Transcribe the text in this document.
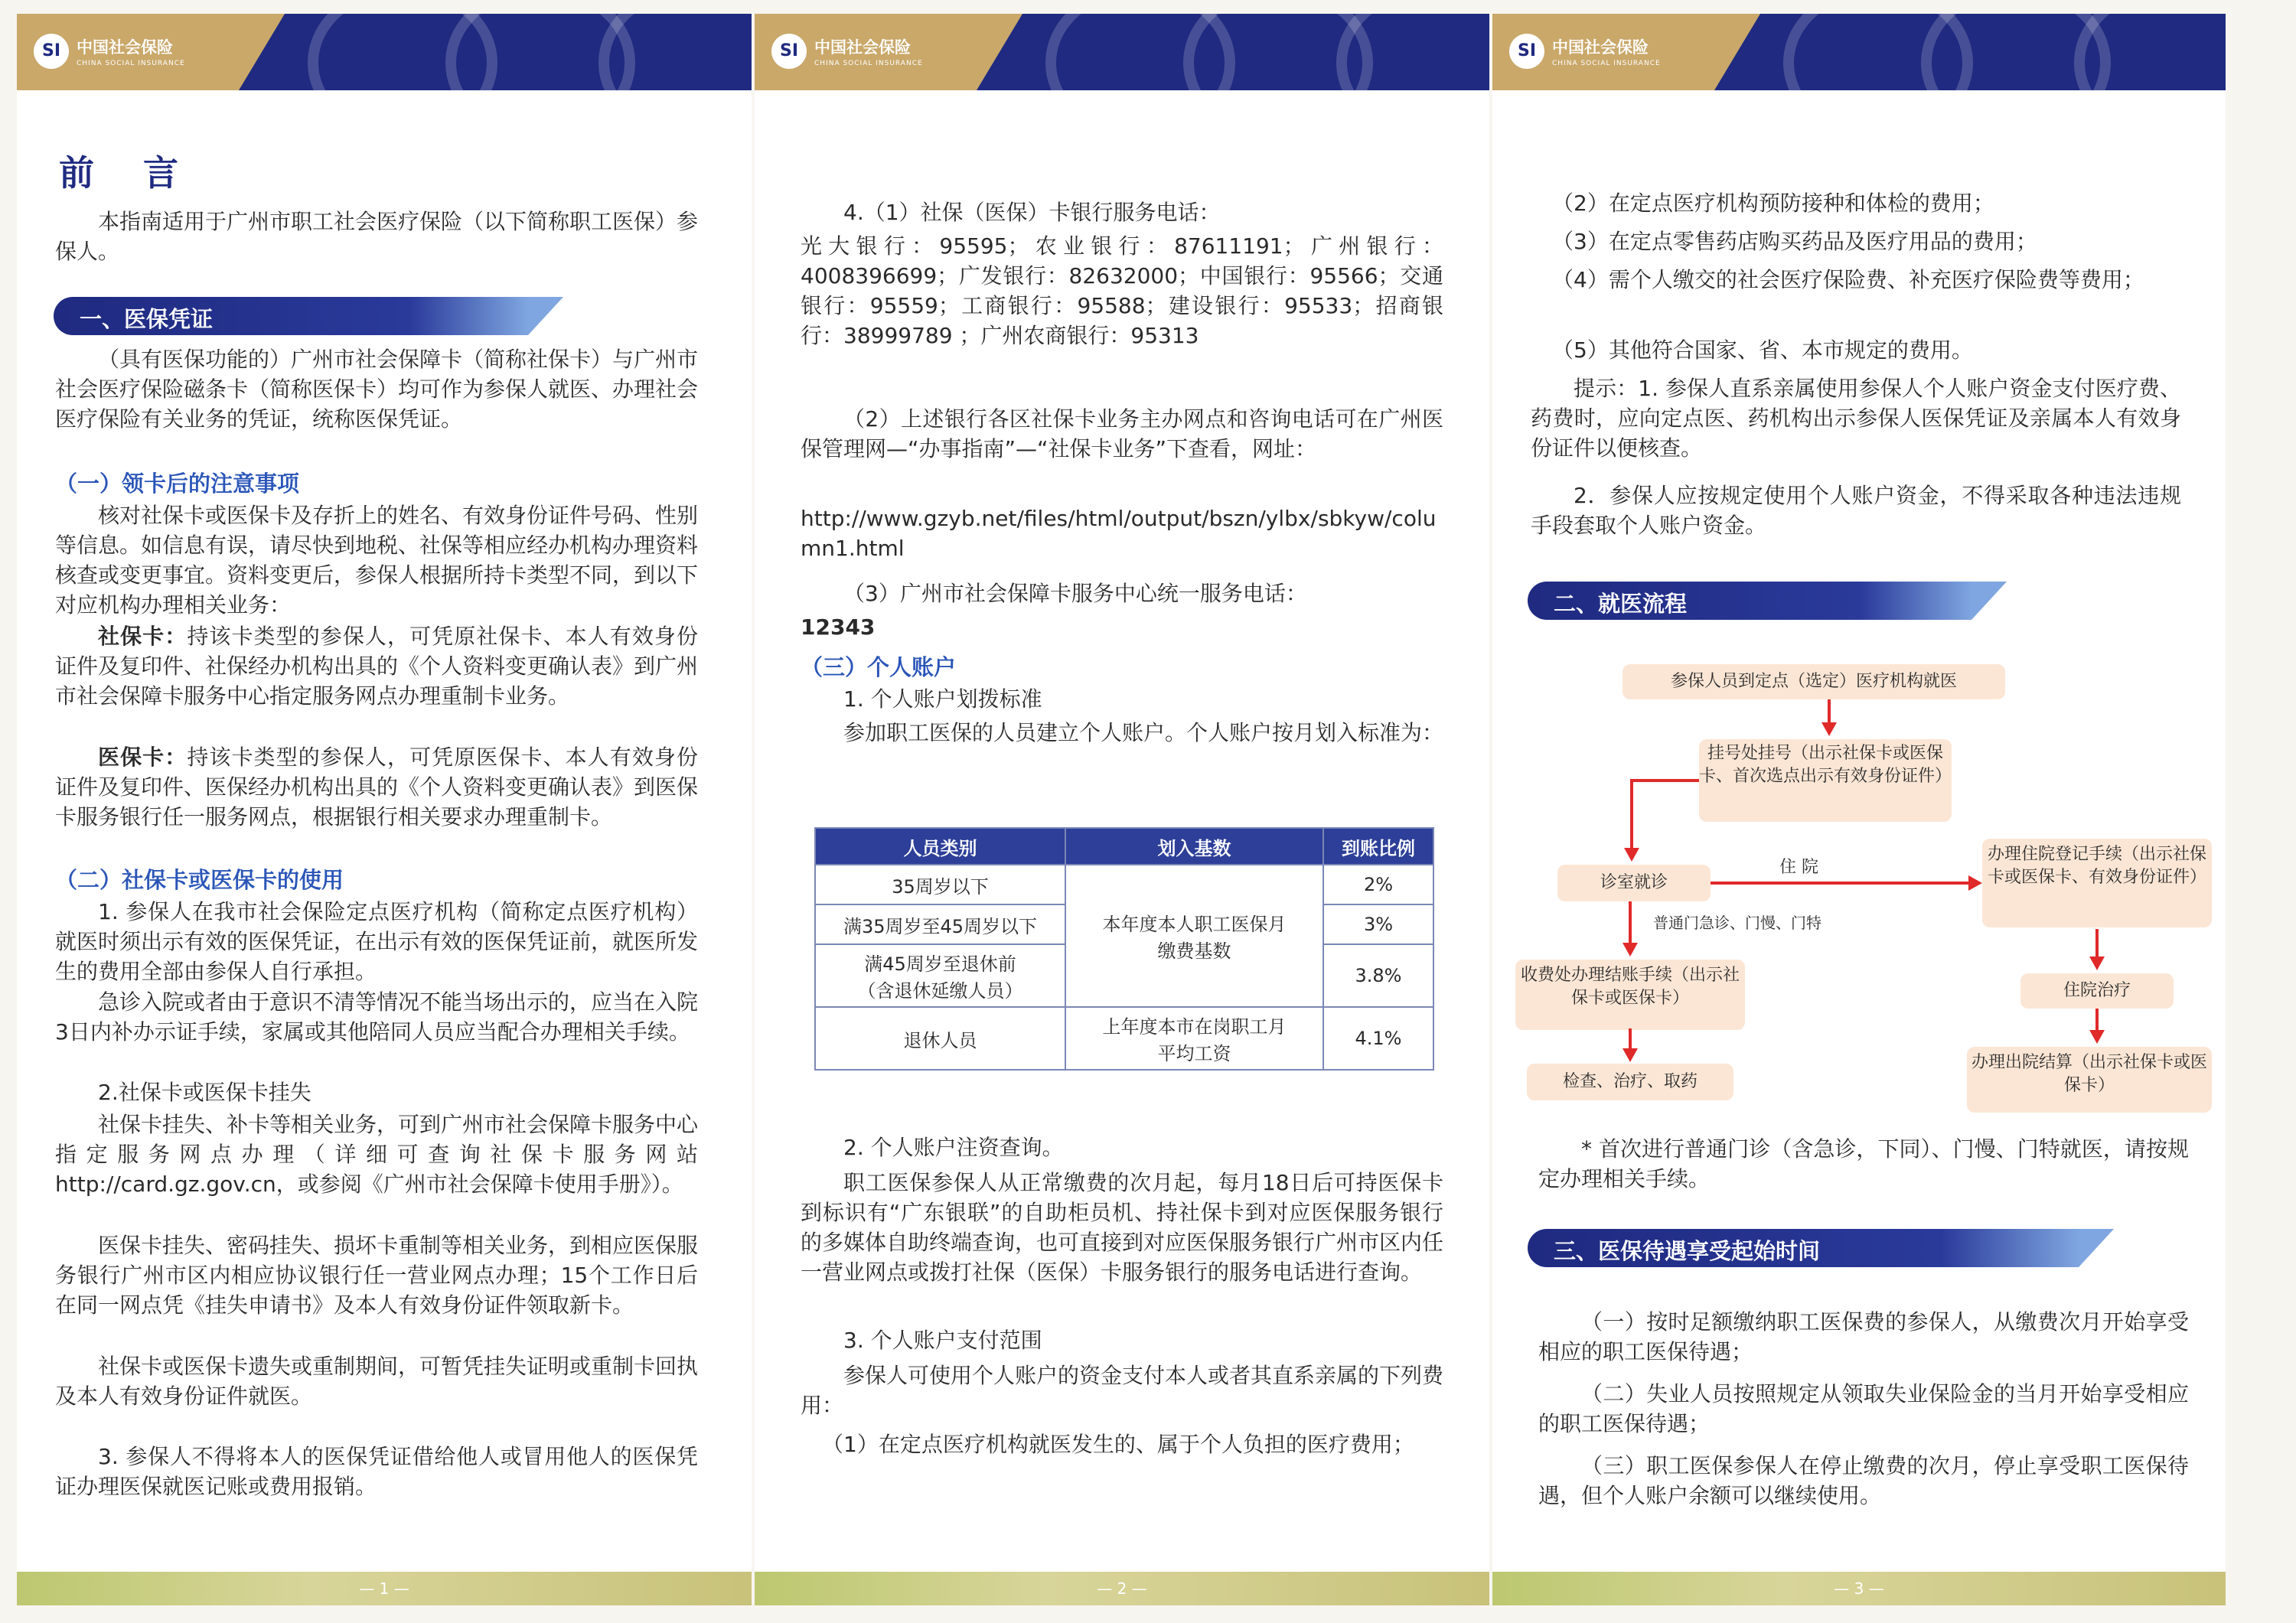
SI 中国社会保险
CHINA SOCIAL INSURANCE
前 言
本指南适用于广州市职工社会医疗保险（以下简称职工医保）参保人。
一、医保凭证
（具有医保功能的）广州市社会保障卡（简称社保卡）与广州市社会医疗保险磁条卡（简称医保卡）均可作为参保人就医、办理社会医疗保险有关业务的凭证，统称医保凭证。
（一）领卡后的注意事项
核对社保卡或医保卡及存折上的姓名、有效身份证件号码、性别等信息。如信息有误，请尽快到地税、社保等相应经办机构办理资料核查或变更事宜。资料变更后，参保人根据所持卡类型不同，到以下对应机构办理相关业务：
社保卡：持该卡类型的参保人，可凭原社保卡、本人有效身份证件及复印件、社保经办机构出具的《个人资料变更确认表》到广州市社会保障卡服务中心指定服务网点办理重制卡业务。
医保卡：持该卡类型的参保人，可凭原医保卡、本人有效身份证件及复印件、医保经办机构出具的《个人资料变更确认表》到医保卡服务银行任一服务网点，根据银行相关要求办理重制卡。
（二）社保卡或医保卡的使用
1. 参保人在我市社会保险定点医疗机构（简称定点医疗机构）就医时须出示有效的医保凭证，在出示有效的医保凭证前，就医所发生的费用全部由参保人自行承担。
急诊入院或者由于意识不清等情况不能当场出示的，应当在入院3日内补办示证手续，家属或其他陪同人员应当配合办理相关手续。
2.社保卡或医保卡挂失
社保卡挂失、补卡等相关业务，可到广州市社会保障卡服务中心指定服务网点办理（详细可查询社保卡服务网站http://card.gz.gov.cn，或参阅《广州市社会保障卡使用手册》）。
医保卡挂失、密码挂失、损坏卡重制等相关业务，到相应医保服务银行广州市区内相应协议银行任一营业网点办理；15个工作日后在同一网点凭《挂失申请书》及本人有效身份证件领取新卡。
社保卡或医保卡遗失或重制期间，可暂凭挂失证明或重制卡回执及本人有效身份证件就医。
3. 参保人不得将本人的医保凭证借给他人或冒用他人的医保凭证办理医保就医记账或费用报销。
— 1 —
SI 中国社会保险
CHINA SOCIAL INSURANCE
4.（1）社保（医保）卡银行服务电话：
光大银行：95595；农业银行：87611191；广州银行：4008396699；广发银行：82632000；中国银行：95566；交通银行：95559；工商银行：95588；建设银行：95533；招商银行：38999789 ；广州农商银行：95313
（2）上述银行各区社保卡业务主办网点和咨询电话可在广州医保管理网—“办事指南”—“社保卡业务”下查看，网址：
http://www.gzyb.net/files/html/output/bszn/ylbx/sbkyw/column1.html
（3）广州市社会保障卡服务中心统一服务电话：
12343
（三）个人账户
1. 个人账户划拨标准
参加职工医保的人员建立个人账户。个人账户按月划入标准为：
人员类别	划入基数	到账比例
35周岁以下	本年度本人职工医保月缴费基数	2%
满35周岁至45周岁以下		3%
满45周岁至退休前（含退休延缴人员）		3.8%
退休人员	上年度本市在岗职工月平均工资	4.1%
2. 个人账户注资查询。
职工医保参保人从正常缴费的次月起，每月18日后可持医保卡到标识有“广东银联”的自助柜员机、持社保卡到对应医保服务银行的多媒体自助终端查询，也可直接到对应医保服务银行广州市区内任一营业网点或拨打社保（医保）卡服务银行的服务电话进行查询。
3. 个人账户支付范围
参保人可使用个人账户的资金支付本人或者其直系亲属的下列费用：
（1）在定点医疗机构就医发生的、属于个人负担的医疗费用；
— 2 —
SI 中国社会保险
CHINA SOCIAL INSURANCE
（2）在定点医疗机构预防接种和体检的费用；
（3）在定点零售药店购买药品及医疗用品的费用；
（4）需个人缴交的社会医疗保险费、补充医疗保险费等费用；
（5）其他符合国家、省、本市规定的费用。
提示：1. 参保人直系亲属使用参保人个人账户资金支付医疗费、药费时，应向定点医、药机构出示参保人医保凭证及亲属本人有效身份证件以便核查。
2．参保人应按规定使用个人账户资金，不得采取各种违法违规手段套取个人账户资金。
二、就医流程
参保人员到定点（选定）医疗机构就医
挂号处挂号（出示社保卡或医保卡、首次选点出示有效身份证件）
诊室就诊
住 院
办理住院登记手续（出示社保卡或医保卡、有效身份证件）
普通门急诊、门慢、门特
收费处办理结账手续（出示社保卡或医保卡）	住院治疗
检查、治疗、取药
办理出院结算（出示社保卡或医保卡）
* 首次进行普通门诊（含急诊，下同）、门慢、门特就医，请按规定办理相关手续。
三、医保待遇享受起始时间
（一）按时足额缴纳职工医保费的参保人，从缴费次月开始享受相应的职工医保待遇；
（二）失业人员按照规定从领取失业保险金的当月开始享受相应的职工医保待遇；
（三）职工医保参保人在停止缴费的次月，停止享受职工医保待遇，但个人账户余额可以继续使用。
— 3 —
